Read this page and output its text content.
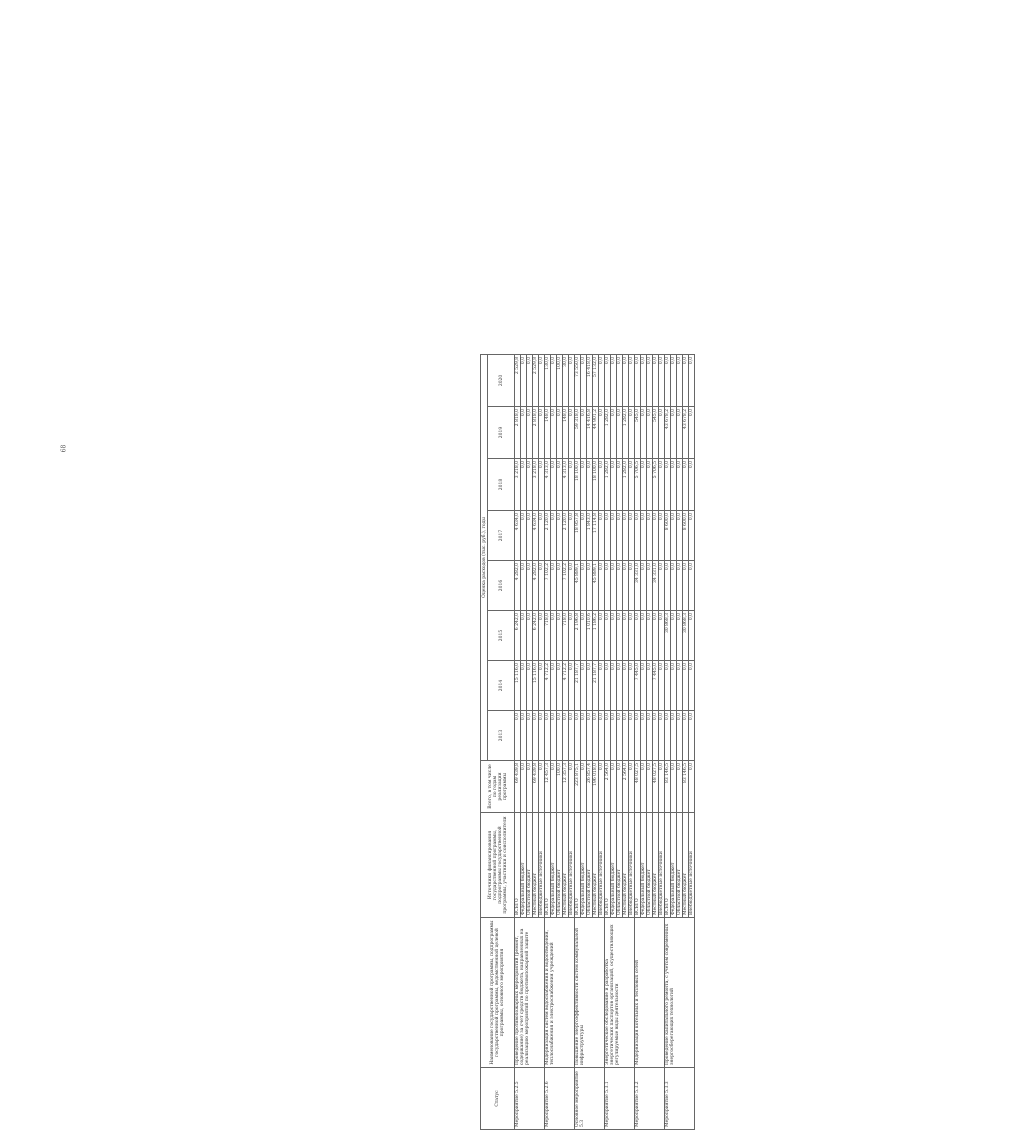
68
Статус	Наименование государственной программы, подпрограммы государственной программы, ведомственной целевой программы, основного мероприятия	Источники финансирования государственной программы, подпрограммы государственной программы, участники и соисполнители	Всего, в том числе по годам реализации программы	Оценка расходов (тыс. руб.), годы							
				2013	2014	2015	2016	2017	2018	2019	2020
Мероприятие 5.2.5	Проведение противопожарных мероприятий (ремонт, содержание) за счет средств бюджета, направленных на реализацию мероприятий по противопожарной защите	ВСЕГО	69 439,8	0,0	15 116,0	6 242,0	4 282,0	4 634,0	3 218,0	2 818,0	2 529,8
		Федеральный бюджет	0,0	0,0	0,0	0,0	0,0	0,0	0,0	0,0	0,0
		Областной бюджет	0,0	0,0	0,0	0,0	0,0	0,0	0,0	0,0	0,0
		Местный бюджет	69 439,8	0,0	15 116,0	6 242,0	4 282,0	4 634,0	3 218,0	2 818,0	2 529,8
		Внебюджетные источники	0,0	0,0	0,0	0,0	0,0	0,0	0,0	0,0	0,0
Мероприятие 5.2.6	Модернизация систем водоснабжения и водоотведения, теплоснабжения и электроснабжения учреждений	ВСЕГО	12 457,3	0,0	4 712,2	718,0	7 102,2	2 120,0	4 313,0	148,0	130,0
		Федеральный бюджет	0,0	0,0	0,0	0,0	0,0	0,0	0,0	0,0	0,0
		Областной бюджет	100,0	0,0	0,0	0,0	0,0	0,0	0,0	0,0	100,0
		Местный бюджет	12 357,3	0,0	4 712,2	718,0	7 102,2	2 120,0	4 313,0	148,0	30,0
		Внебюджетные источники	0,0	0,0	0,0	0,0	0,0	0,0	0,0	0,0	0,0
Основное мероприятие 5.3	Повышение энергоэффективности систем коммунальной инфраструктуры	ВСЕГО	223 875,1	0,0	21 187,7	2 196,8	45 889,1	18 957,8	18 100,0	59 318,0	73 550,0
		Федеральный бюджет	0,0	0,0	0,0	0,0	0,0	0,0	0,0	0,0	0,0
		Областной бюджет	26 857,4	0,0	0,0	1 010,6	0,0	1 843,0	0,0	14 416,8	16 418,0
		Местный бюджет	196 018,0	0,0	21 187,7	1 186,2	45 889,1	17 114,8	18 100,0	44 901,2	57 132,0
		Внебюджетные источники	0,0	0,0	0,0	0,0	0,0	0,0	0,0	0,0	0,0
Мероприятие 5.3.1	Энергетическое обследование и разработка энергетических паспортов организаций, осуществляющих регулируемые виды деятельности	ВСЕГО	2 564,0	0,0	0,0	0,0	0,0	0,0	1 282,0	1 282,0	0,0
		Федеральный бюджет	0,0	0,0	0,0	0,0	0,0	0,0	0,0	0,0	0,0
		Областной бюджет	0,0	0,0	0,0	0,0	0,0	0,0	0,0	0,0	0,0
		Местный бюджет	2 564,0	0,0	0,0	0,0	0,0	0,0	1 282,0	1 282,0	0,0
		Внебюджетные источники	0,0	0,0	0,0	0,0	0,0	0,0	0,0	0,0	0,0
Мероприятие 5.3.2	Модернизация котельных и тепловых сетей	ВСЕГО	48 027,5	0,0	7 445,0	0,0	34 331,0	0,0	5 706,5	545,0	0,0
		Федеральный бюджет	0,0	0,0	0,0	0,0	0,0	0,0	0,0	0,0	0,0
		Областной бюджет	0,0	0,0	0,0	0,0	0,0	0,0	0,0	0,0	0,0
		Местный бюджет	48 027,5	0,0	7 445,0	0,0	34 331,0	0,0	5 706,5	545,0	0,0
		Внебюджетные источники	0,0	0,0	0,0	0,0	0,0	0,0	0,0	0,0	0,0
Мероприятие 5.3.3	Проведение капитального ремонта, с учетом современных энергосберегающих технологий	ВСЕГО	83 146,5	0,0	0,0	30 868,3	0,0	8 600,0	0,0	43 678,2	0,0
		Федеральный бюджет	0,0	0,0	0,0	0,0	0,0	0,0	0,0	0,0	0,0
		Областной бюджет	0,0	0,0	0,0	0,0	0,0	0,0	0,0	0,0	0,0
		Местный бюджет	83 146,5	0,0	0,0	30 868,3	0,0	8 600,0	0,0	43 678,2	0,0
		Внебюджетные источники	0,0	0,0	0,0	0,0	0,0	0,0	0,0	0,0	0,0
